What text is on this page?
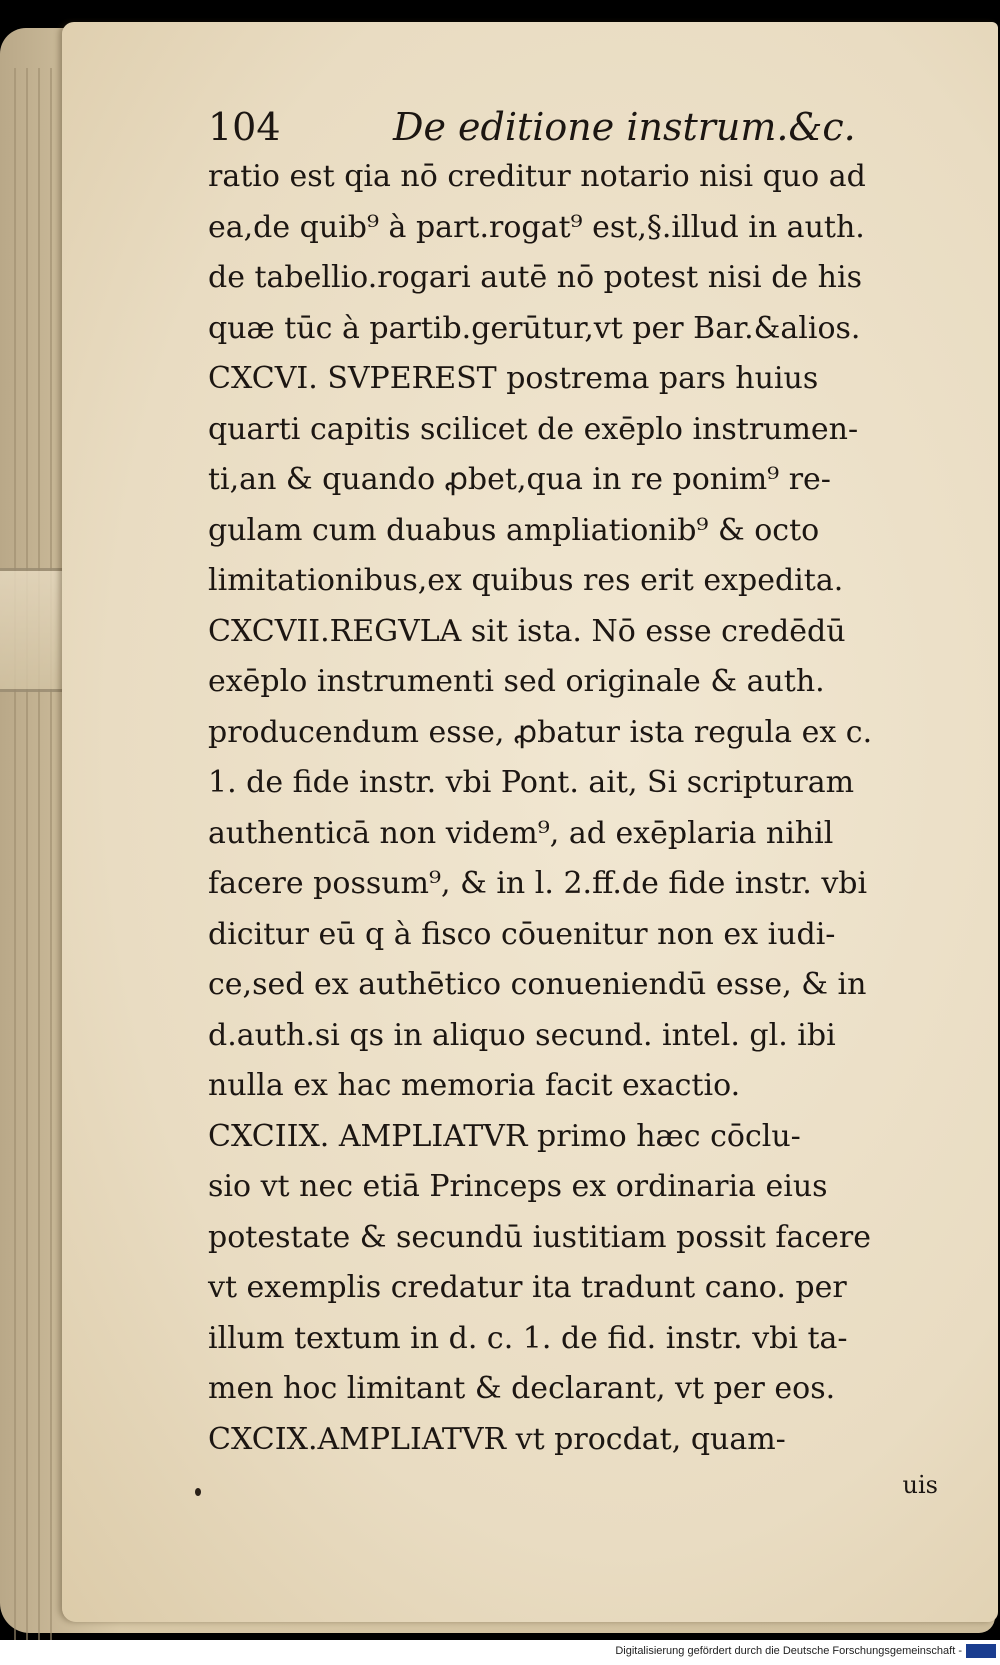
104	De editione instrum.&c.
ratio est qia nō creditur notario nisi quo ad
ea,de quib⁹ à part.rogat⁹ est,§.illud in auth.
de tabellio.rogari autē nō potest nisi de his
quæ tūc à partib.gerūtur,vt per Bar.&alios.
CXCVI. SVPEREST postrema pars huius
quarti capitis scilicet de exēplo instrumen-
ti,an & quando ꝓbet,qua in re ponim⁹ re-
gulam cum duabus ampliationib⁹ & octo
limitationibus,ex quibus res erit expedita.
CXCVII.REGVLA sit ista. Nō esse credēdū
exēplo instrumenti sed originale & auth.
producendum esse, ꝓbatur ista regula ex c.
1. de fide instr. vbi Pont. ait, Si scripturam
authenticā non videm⁹, ad exēplaria nihil
facere possum⁹, & in l. 2.ff.de fide instr. vbi
dicitur eū q à fisco cōuenitur non ex iudi-
ce,sed ex authētico conueniendū esse, & in
d.auth.si qs in aliquo secund. intel. gl. ibi
nulla ex hac memoria facit exactio.
CXCIIX. AMPLIATVR primo hæc cōclu-
sio vt nec etiā Princeps ex ordinaria eius
potestate & secundū iustitiam possit facere
vt exemplis credatur ita tradunt cano. per
illum textum in d. c. 1. de fid. instr. vbi ta-
men hoc limitant & declarant, vt per eos.
CXCIX.AMPLIATVR vt procdat, quam-
uis
Digitalisierung gefördert durch die Deutsche Forschungsgemeinschaft -
